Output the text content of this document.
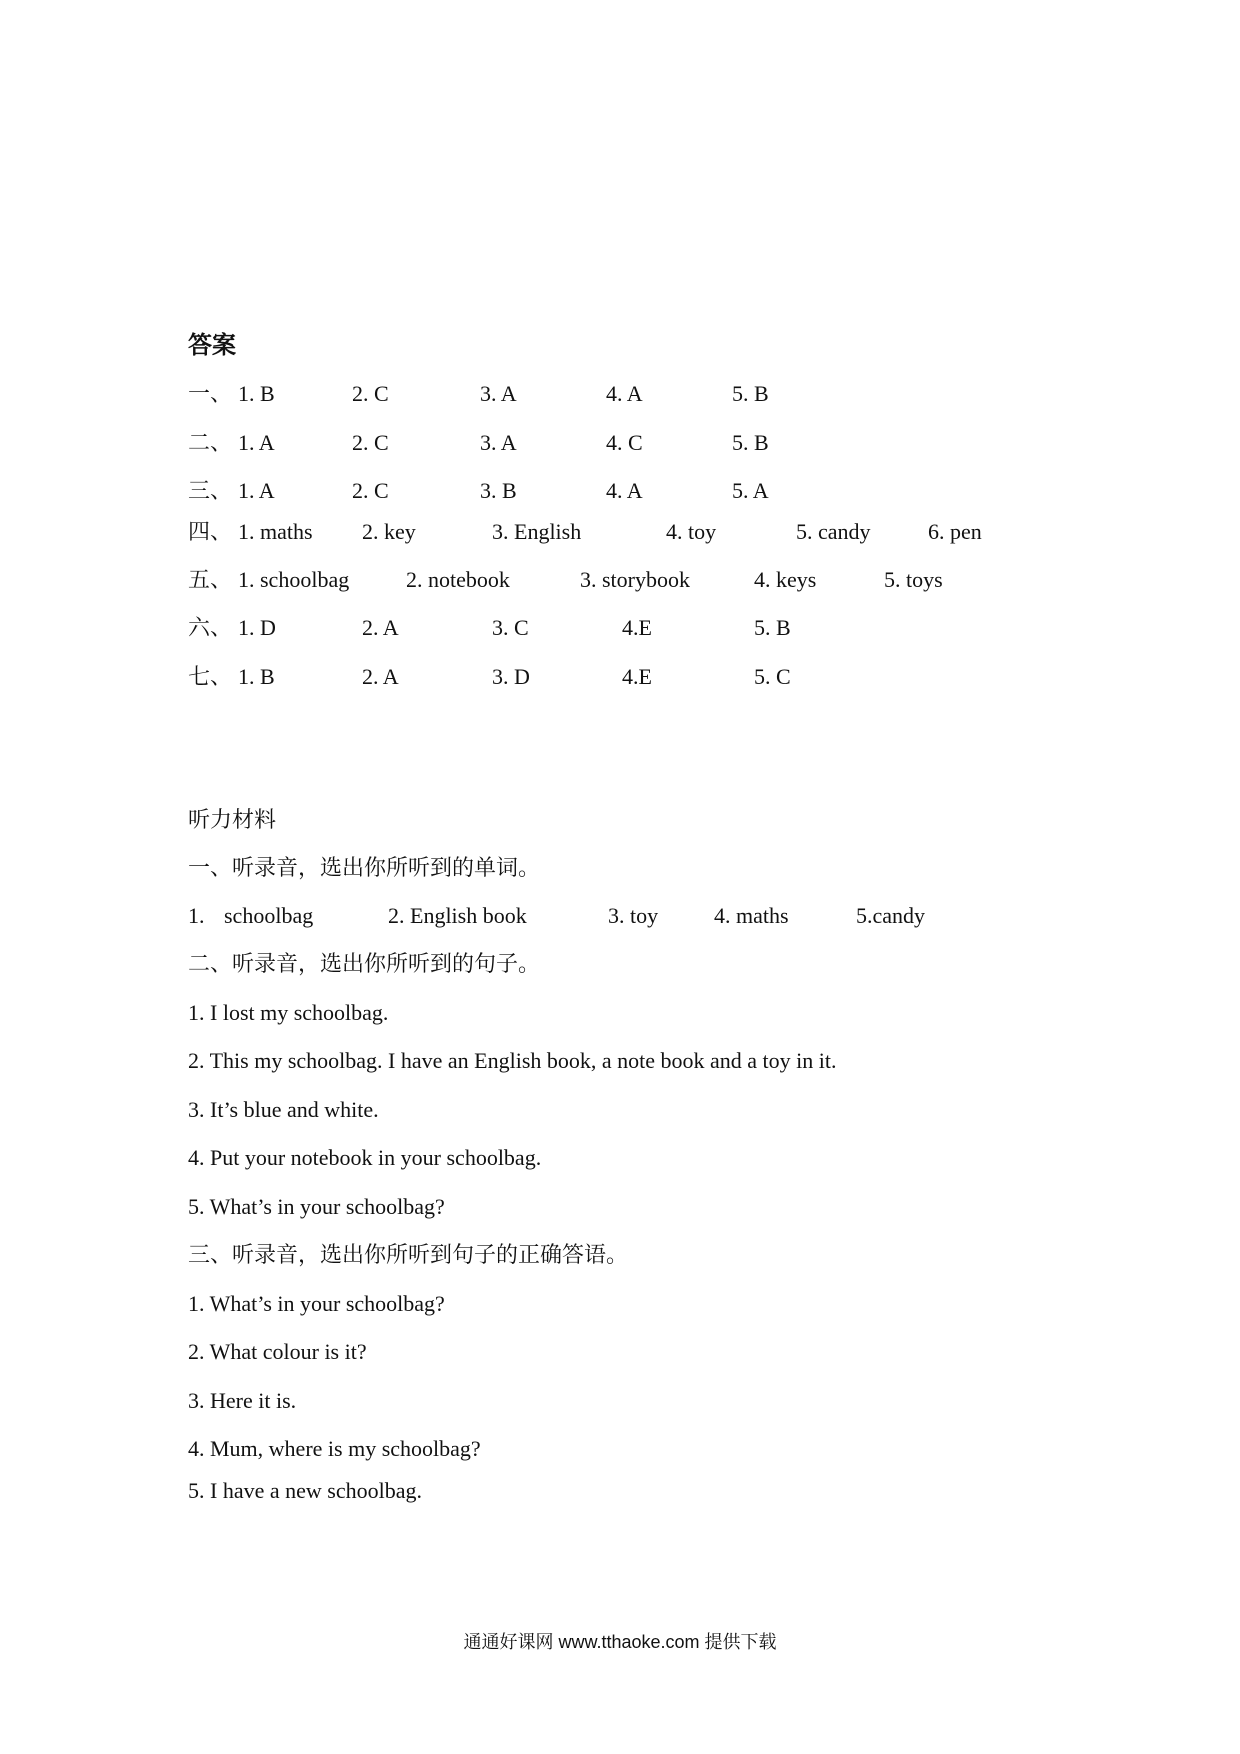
答案
一、 1. B	2. C	3. A	4. A	5. B
二、 1. A	2. C	3. A	4. C	5. B
三、 1. A	2. C	3. B	4. A	5. A
四、 1. maths 2. key	3. English	4. toy	5. candy	6. pen
五、 1. schoolbag	2. notebook	3. storybook	4. keys	5. toys
六、 1. D	2. A	3. C	4.E	5. B
七、 1. B	2. A	3. D	4.E	5. C
听力材料
一、听录音，选出你所听到的单词。
1. schoolbag	2. English book	3. toy	4. maths	5.candy
二、听录音，选出你所听到的句子。
1. I lost my schoolbag.
2. This my schoolbag. I have an English book, a note book and a toy in it.
3. It’s blue and white.
4. Put your notebook in your schoolbag.
5. What’s in your schoolbag?
三、听录音，选出你所听到句子的正确答语。
1. What’s in your schoolbag?
2. What colour is it?
3. Here it is.
4. Mum, where is my schoolbag?
5. I have a new schoolbag.
通通好课网 www.tthaoke.com 提供下载
